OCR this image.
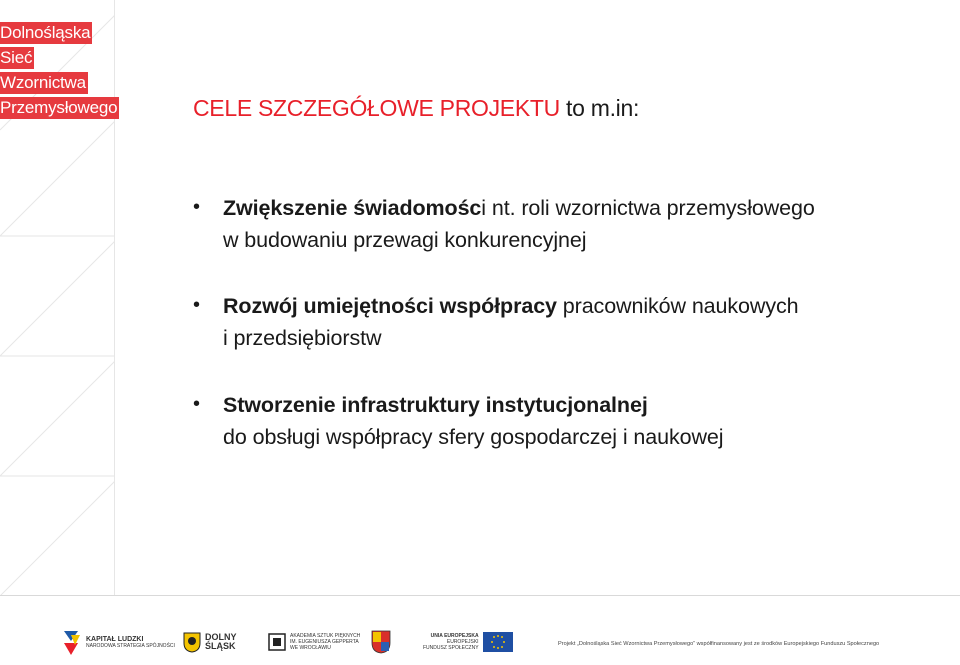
Dolnośląska
Sieć
Wzornictwa
Przemysłowego	CELE SZCZEGÓŁOWE PROJEKTU to m.in:
• Zwiększenie świadomości nt. roli wzornictwa przemysłowego
w budowaniu przewagi konkurencyjnej
• Rozwój umiejętności współpracy pracowników naukowych
i przedsiębiorstw
• Stworzenie infrastruktury instytucjonalnej
do obsługi współpracy sfery gospodarczej i naukowej
KAPITAŁ LUDZKI
NARODOWA STRATEGIA SPÓJNOŚCI
DOLNY
ŚLĄSK
AKADEMIA SZTUK PIĘKNYCH
IM. EUGENIUSZA GEPPERTA
WE WROCŁAWIU
UNIA EUROPEJSKA
EUROPEJSKI
FUNDUSZ SPOŁECZNY
Projekt „Dolnośląska Sieć Wzornictwa Przemysłowego” współfinansowany jest ze środków Europejskiego Funduszu Społecznego
